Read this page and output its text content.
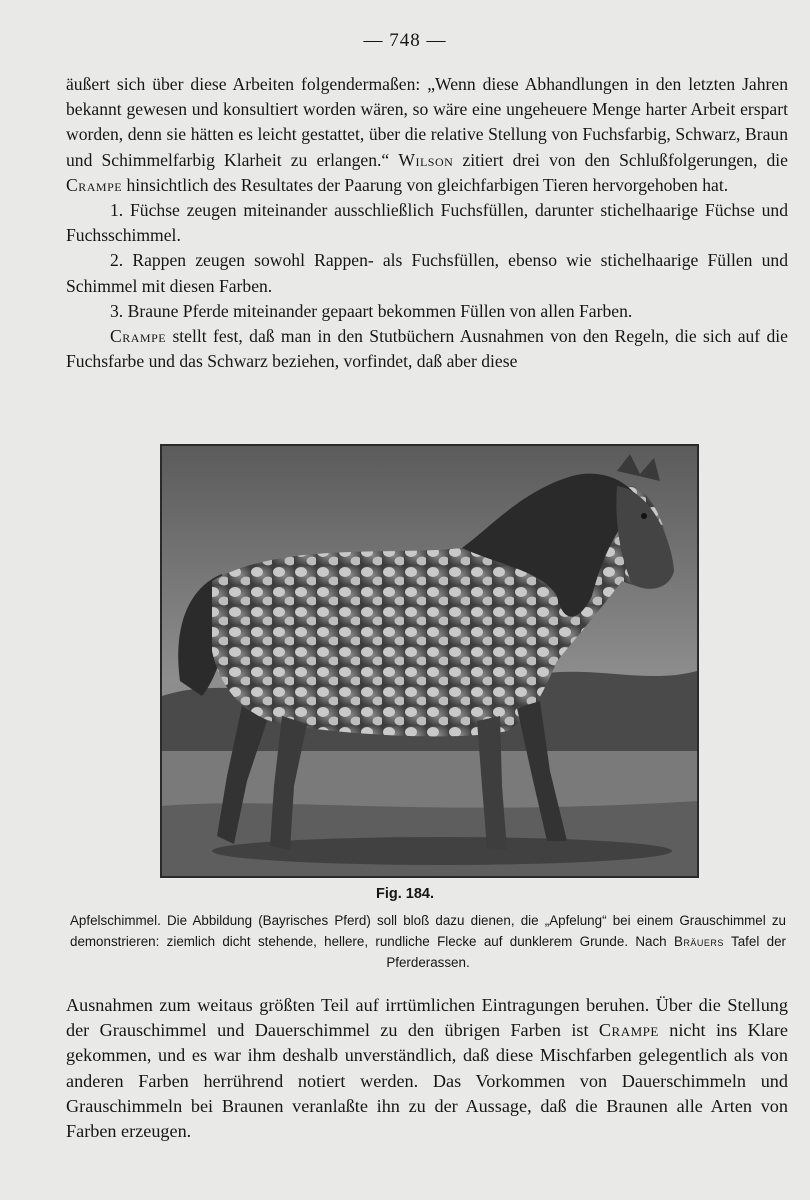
— 748 —

äußert sich über diese Arbeiten folgendermaßen: „Wenn diese Abhandlungen in den letzten Jahren bekannt gewesen und konsultiert worden wären, so wäre eine ungeheuere Menge harter Arbeit erspart worden, denn sie hätten es leicht gestattet, über die relative Stellung von Fuchsfarbig, Schwarz, Braun und Schimmelfarbig Klarheit zu erlangen.“ Wilson zitiert drei von den Schlußfolgerungen, die Crampe hinsichtlich des Resultates der Paarung von gleichfarbigen Tieren hervorgehoben hat.

1. Füchse zeugen miteinander ausschließlich Fuchsfüllen, darunter stichelhaarige Füchse und Fuchsschimmel.

2. Rappen zeugen sowohl Rappen- als Fuchsfüllen, ebenso wie stichelhaarige Füllen und Schimmel mit diesen Farben.

3. Braune Pferde miteinander gepaart bekommen Füllen von allen Farben.

Crampe stellt fest, daß man in den Stutbüchern Ausnahmen von den Regeln, die sich auf die Fuchsfarbe und das Schwarz beziehen, vorfindet, daß aber diese

Fig. 184.
Apfelschimmel. Die Abbildung (Bayrisches Pferd) soll bloß dazu dienen, die „Apfelung“ bei einem Grauschimmel zu demonstrieren: ziemlich dicht stehende, hellere, rundliche Flecke auf dunklerem Grunde. Nach Bräuers Tafel der Pferderassen.

Ausnahmen zum weitaus größten Teil auf irrtümlichen Eintragungen beruhen. Über die Stellung der Grauschimmel und Dauerschimmel zu den übrigen Farben ist Crampe nicht ins Klare gekommen, und es war ihm deshalb unverständlich, daß diese Mischfarben gelegentlich als von anderen Farben herrührend notiert werden. Das Vorkommen von Dauerschimmeln und Grauschimmeln bei Braunen veranlaßte ihn zu der Aussage, daß die Braunen alle Arten von Farben erzeugen.
